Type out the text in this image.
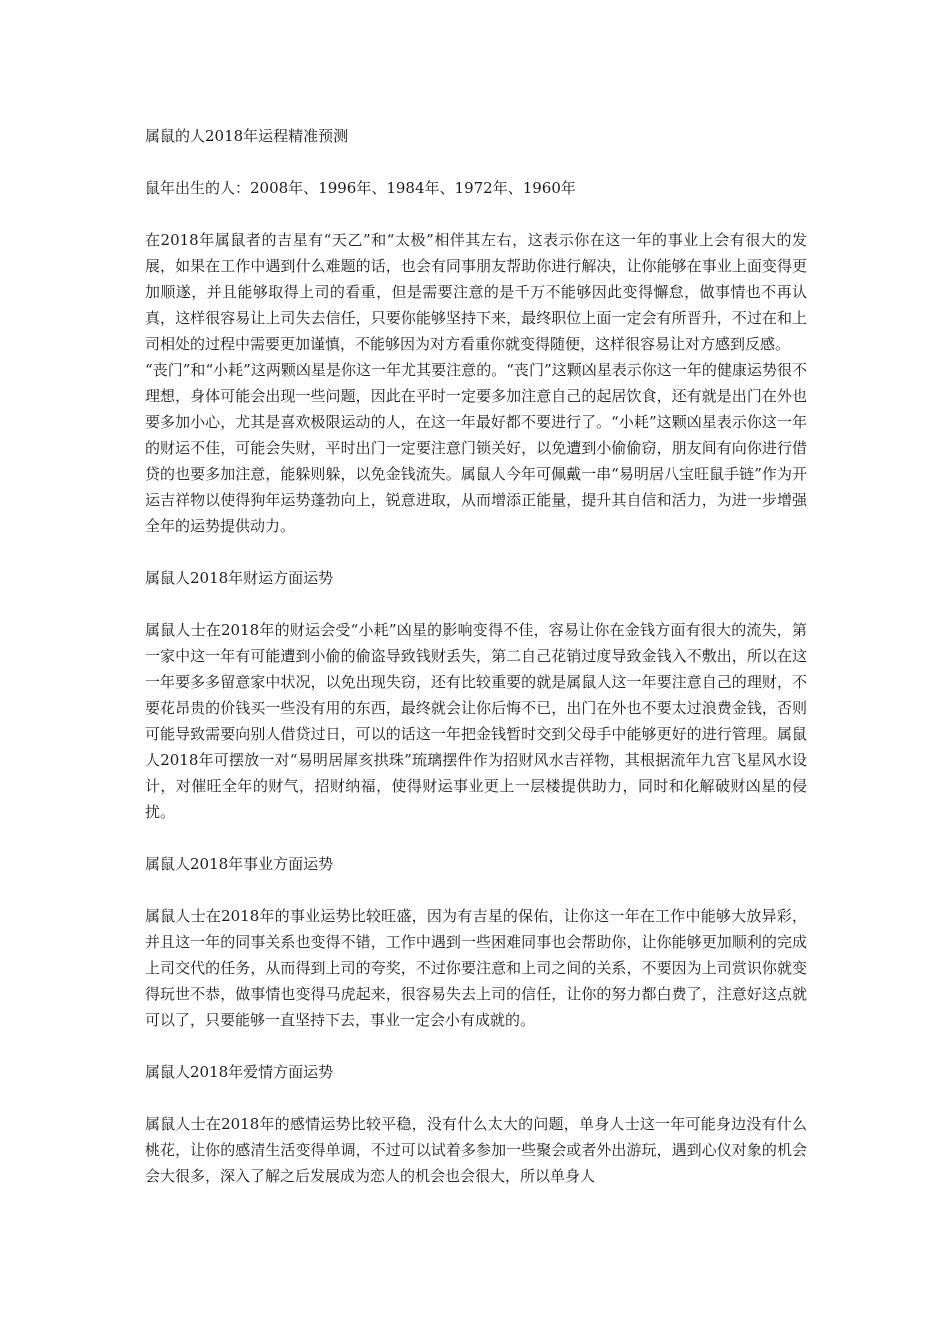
属鼠的人2018年运程精准预测

鼠年出生的人：2008年、1996年、1984年、1972年、1960年

在2018年属鼠者的吉星有“天乙”和“太极”相伴其左右，这表示你在这一年的事业上会有很大的发展，如果在工作中遇到什么难题的话，也会有同事朋友帮助你进行解决，让你能够在事业上面变得更加顺遂，并且能够取得上司的看重，但是需要注意的是千万不能够因此变得懈怠，做事情也不再认真，这样很容易让上司失去信任，只要你能够坚持下来，最终职位上面一定会有所晋升，不过在和上司相处的过程中需要更加谨慎，不能够因为对方看重你就变得随便，这样很容易让对方感到反感。

“丧门”和“小耗”这两颗凶星是你这一年尤其要注意的。“丧门”这颗凶星表示你这一年的健康运势很不理想，身体可能会出现一些问题，因此在平时一定要多加注意自己的起居饮食，还有就是出门在外也要多加小心，尤其是喜欢极限运动的人，在这一年最好都不要进行了。“小耗”这颗凶星表示你这一年的财运不佳，可能会失财，平时出门一定要注意门锁关好，以免遭到小偷偷窃，朋友间有向你进行借贷的也要多加注意，能躲则躲，以免金钱流失。属鼠人今年可佩戴一串“易明居八宝旺鼠手链”作为开运吉祥物以使得狗年运势蓬勃向上，锐意进取，从而增添正能量，提升其自信和活力，为进一步增强全年的运势提供动力。

属鼠人2018年财运方面运势

属鼠人士在2018年的财运会受“小耗”凶星的影响变得不佳，容易让你在金钱方面有很大的流失，第一家中这一年有可能遭到小偷的偷盗导致钱财丢失，第二自己花销过度导致金钱入不敷出，所以在这一年要多多留意家中状况，以免出现失窃，还有比较重要的就是属鼠人这一年要注意自己的理财，不要花昂贵的价钱买一些没有用的东西，最终就会让你后悔不已，出门在外也不要太过浪费金钱，否则可能导致需要向别人借贷过日，可以的话这一年把金钱暂时交到父母手中能够更好的进行管理。属鼠人2018年可摆放一对“易明居犀亥拱珠”琉璃摆件作为招财风水吉祥物，其根据流年九宫飞星风水设计，对催旺全年的财气，招财纳福，使得财运事业更上一层楼提供助力，同时和化解破财凶星的侵扰。

属鼠人2018年事业方面运势

属鼠人士在2018年的事业运势比较旺盛，因为有吉星的保佑，让你这一年在工作中能够大放异彩，并且这一年的同事关系也变得不错，工作中遇到一些困难同事也会帮助你，让你能够更加顺利的完成上司交代的任务，从而得到上司的夸奖，不过你要注意和上司之间的关系，不要因为上司赏识你就变得玩世不恭，做事情也变得马虎起来，很容易失去上司的信任，让你的努力都白费了，注意好这点就可以了，只要能够一直坚持下去，事业一定会小有成就的。

属鼠人2018年爱情方面运势

属鼠人士在2018年的感情运势比较平稳，没有什么太大的问题，单身人士这一年可能身边没有什么桃花，让你的感清生活变得单调，不过可以试着多参加一些聚会或者外出游玩，遇到心仪对象的机会会大很多，深入了解之后发展成为恋人的机会也会很大，所以单身人
